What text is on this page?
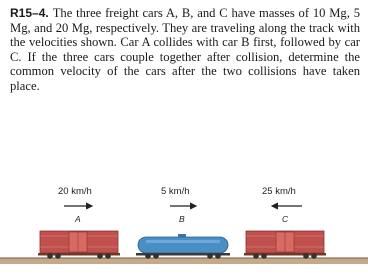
R15–4. The three freight cars A, B, and C have masses of 10 Mg, 5 Mg, and 20 Mg, respectively. They are traveling along the track with the velocities shown. Car A collides with car B first, followed by car C. If the three cars couple together after collision, determine the common velocity of the cars after the two collisions have taken place.
20 km/h	5 km/h	25 km/h
A	B	C
